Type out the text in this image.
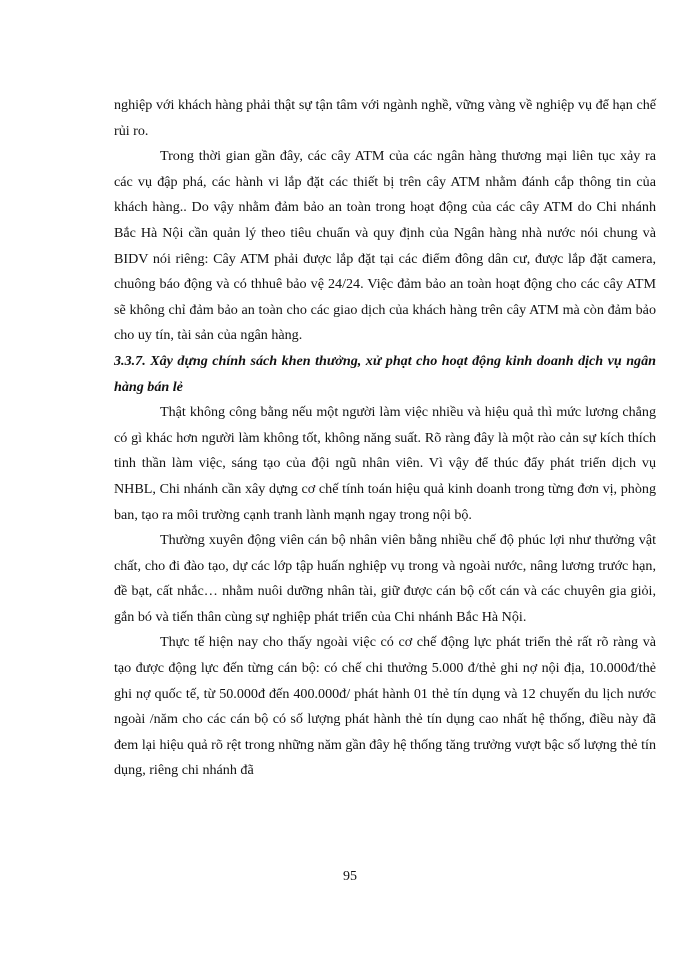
nghiệp với khách hàng phải thật sự tận tâm với ngành nghề, vững vàng về nghiệp vụ để hạn chế rủi ro.

Trong thời gian gần đây, các cây ATM của các ngân hàng thương mại liên tục xảy ra các vụ đập phá, các hành vi lắp đặt các thiết bị trên cây ATM nhằm đánh cắp thông tin của khách hàng.. Do vậy nhằm đảm bảo an toàn trong hoạt động của các cây ATM do Chi nhánh Bắc Hà Nội cần quản lý theo tiêu chuẩn và quy định của Ngân hàng nhà nước nói chung và BIDV nói riêng: Cây ATM phải được lắp đặt tại các điểm đông dân cư, được lắp đặt camera, chuông báo động và có thhuê bảo vệ 24/24. Việc đảm bảo an toàn hoạt động cho các cây ATM sẽ không chỉ đảm bảo an toàn cho các giao dịch của khách hàng trên cây ATM mà còn đảm bảo cho uy tín, tài sản của ngân hàng.

3.3.7. Xây dựng chính sách khen thưởng, xử phạt cho hoạt động kinh doanh dịch vụ ngân hàng bán lẻ

Thật không công bằng nếu một người làm việc nhiều và hiệu quả thì mức lương chẳng có gì khác hơn người làm không tốt, không năng suất. Rõ ràng đây là một rào cản sự kích thích tinh thần làm việc, sáng tạo của đội ngũ nhân viên. Vì vậy để thúc đẩy phát triển dịch vụ NHBL, Chi nhánh cần xây dựng cơ chế tính toán hiệu quả kinh doanh trong từng đơn vị, phòng ban, tạo ra môi trường cạnh tranh lành mạnh ngay trong nội bộ.

Thường xuyên động viên cán bộ nhân viên bằng nhiều chế độ phúc lợi như thưởng vật chất, cho đi đào tạo, dự các lớp tập huấn nghiệp vụ trong và ngoài nước, nâng lương trước hạn, đề bạt, cất nhắc… nhằm nuôi dưỡng nhân tài, giữ được cán bộ cốt cán và các chuyên gia giỏi, gắn bó và tiến thân cùng sự nghiệp phát triển của Chi nhánh Bắc Hà Nội.

Thực tế hiện nay cho thấy ngoài việc có cơ chế động lực phát triển thẻ rất rõ ràng và tạo được động lực đến từng cán bộ: có chế chi thưởng 5.000 đ/thẻ ghi nợ nội địa, 10.000đ/thẻ ghi nợ quốc tế, từ 50.000đ đến 400.000đ/ phát hành 01 thẻ tín dụng và 12 chuyến du lịch nước ngoài /năm cho các cán bộ có số lượng phát hành thẻ tín dụng cao nhất hệ thống, điều này đã đem lại hiệu quả rõ rệt trong những năm gần đây hệ thống tăng trưởng vượt bậc số lượng thẻ tín dụng, riêng chi nhánh đã

95
